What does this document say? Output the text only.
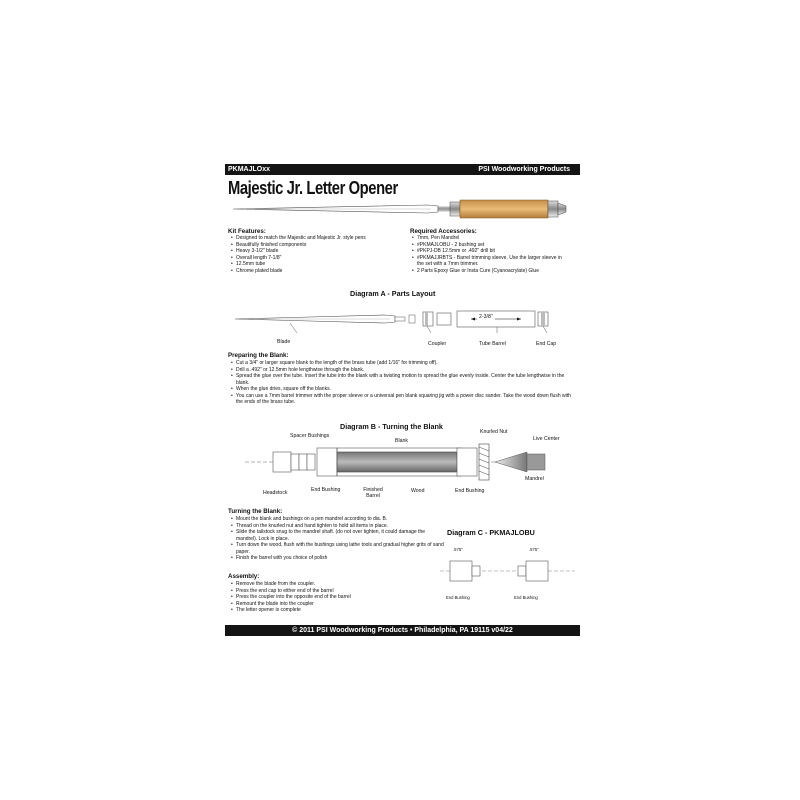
PKMAJLOxx	PSI Woodworking Products
Majestic Jr. Letter Opener
Kit Features:
• Designed to match the Majestic and Majestic Jr. style pens
• Beautifully finished components
• Heavy 3-1/2" blade
• Overall length 7-1/8"
• 12.5mm tube
• Chrome plated blade
Required Accessories:
• 7mm, Pen Mandrel
• #PKMAJLOBU - 2 bushing set
• #PKPJ-DB 12.5mm or .492" drill bit
• #PKMAJJRBTS - Barrel trimming sleeve. Use the larger sleeve in the set with a 7mm trimmer.
• 2 Parts Epoxy Glue or Insta Cure (Cyanoacrylate) Glue
Diagram A - Parts Layout
2-3/8"
Blade	Coupler	Tube Barrel	End Cap
Preparing the Blank:
• Cut a 3/4" or larger square blank to the length of the brass tube (add 1/16" for trimming off).
• Drill a .492" or 12.5mm hole lengthwise through the blank.
• Spread the glue over the tube. Insert the tube into the blank with a twisting motion to spread the glue evenly inside. Center the tube lengthwise in the blank.
• When the glue dries, square off the blanks.
• You can use a 7mm barrel trimmer with the proper sleeve or a universal pen blank squaring jig with a power disc sander. Take the wood down flush with the ends of the brass tube.
Diagram B - Turning the Blank
Spacer Bushings
Blank
Knurled Nut
Live Center
Mandrel
Headstock	End Bushing	Finished Barrel
Wood	End Bushing
Turning the Blank:
• Mount the blank and bushings on a pen mandrel according to dia. B.
• Thread on the knurled nut and hand tighten to hold all items in place.
• Slide the tailstock snug to the mandrel shaft. (do not over tighten, it could damage the mandrel). Lock in place.
• Turn down the wood, flush with the bushings using lathe tools and gradual higher grits of sand paper.
• Finish the barrel with you choice of polish
Diagram C - PKMAJLOBU
.575"	.575"
End Bushing	End Bushing
Assembly:
• Remove the blade from the coupler.
• Press the end cap to either end of the barrel
• Press the coupler into the opposite end of the barrel
• Remount the blade into the coupler
• The letter opener is complete
© 2011 PSI Woodworking Products • Philadelphia, PA 19115 v04/22
